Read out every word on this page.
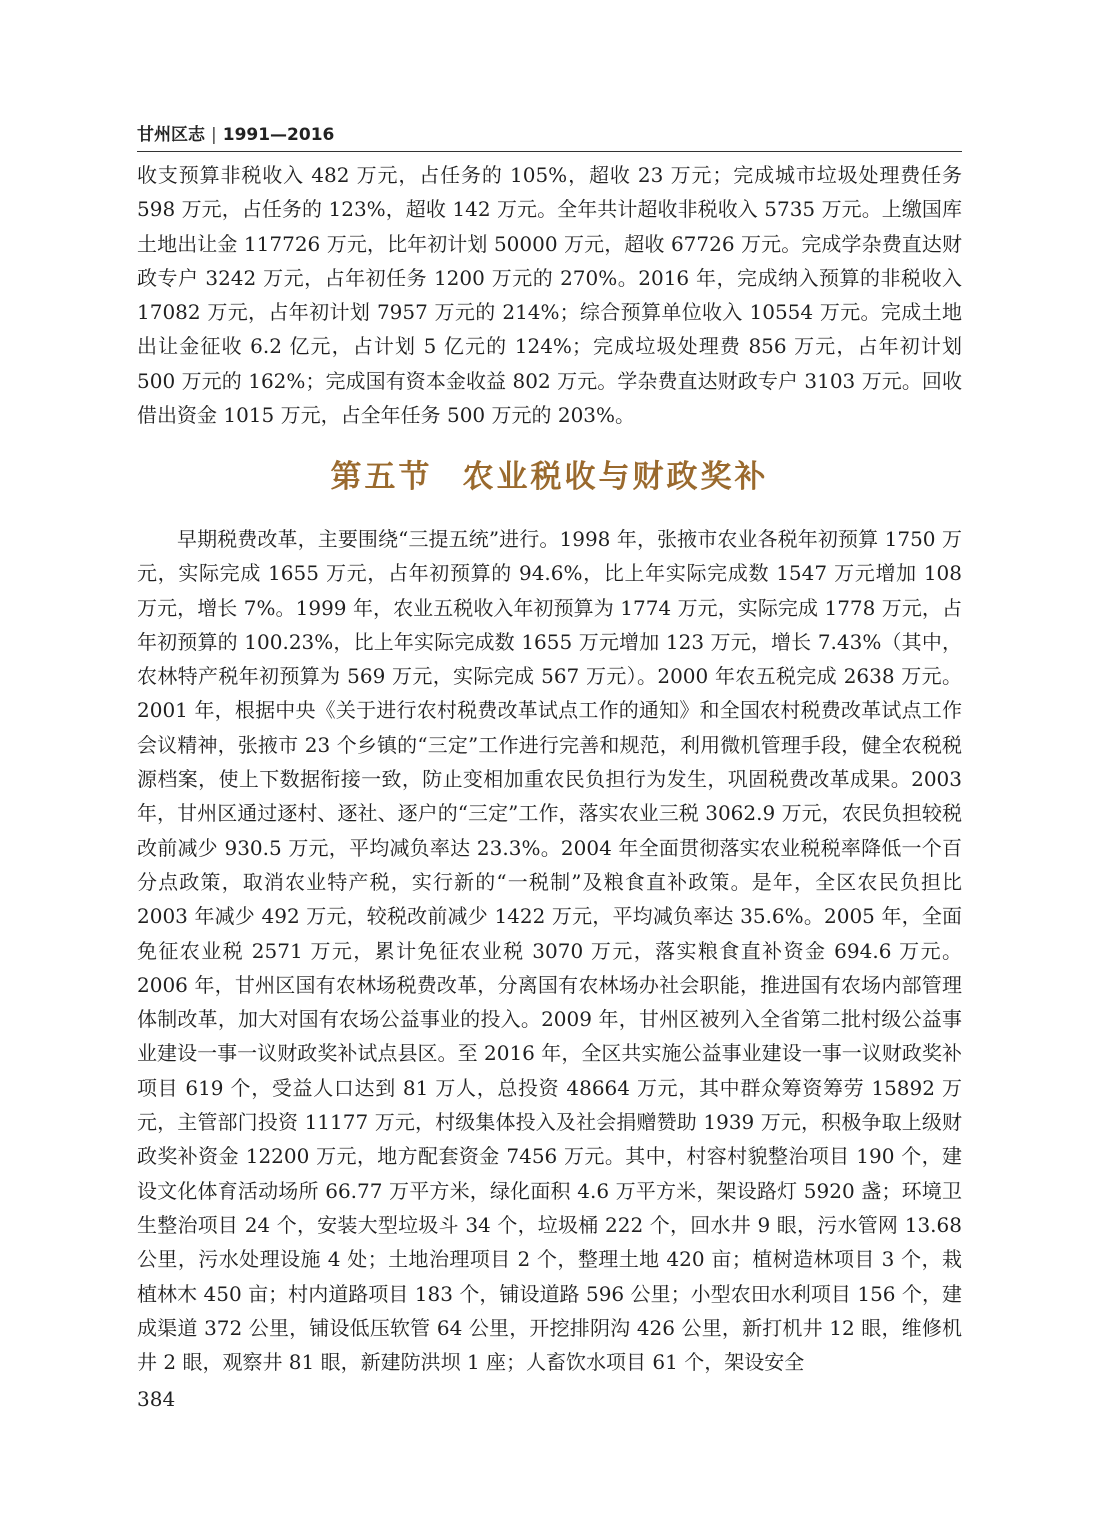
甘州区志 | 1991—2016

收支预算非税收入 482 万元，占任务的 105%，超收 23 万元；完成城市垃圾处理费任务 598 万元，占任务的 123%，超收 142 万元。全年共计超收非税收入 5735 万元。上缴国库土地出让金 117726 万元，比年初计划 50000 万元，超收 67726 万元。完成学杂费直达财政专户 3242 万元，占年初任务 1200 万元的 270%。2016 年，完成纳入预算的非税收入 17082 万元，占年初计划 7957 万元的 214%；综合预算单位收入 10554 万元。完成土地出让金征收 6.2 亿元，占计划 5 亿元的 124%；完成垃圾处理费 856 万元，占年初计划 500 万元的 162%；完成国有资本金收益 802 万元。学杂费直达财政专户 3103 万元。回收借出资金 1015 万元，占全年任务 500 万元的 203%。

第五节 农业税收与财政奖补

早期税费改革，主要围绕“三提五统”进行。1998 年，张掖市农业各税年初预算 1750 万元，实际完成 1655 万元，占年初预算的 94.6%，比上年实际完成数 1547 万元增加 108 万元，增长 7%。1999 年，农业五税收入年初预算为 1774 万元，实际完成 1778 万元，占年初预算的 100.23%，比上年实际完成数 1655 万元增加 123 万元，增长 7.43%（其中，农林特产税年初预算为 569 万元，实际完成 567 万元）。2000 年农五税完成 2638 万元。2001 年，根据中央《关于进行农村税费改革试点工作的通知》和全国农村税费改革试点工作会议精神，张掖市 23 个乡镇的“三定”工作进行完善和规范，利用微机管理手段，健全农税税源档案，使上下数据衔接一致，防止变相加重农民负担行为发生，巩固税费改革成果。2003 年，甘州区通过逐村、逐社、逐户的“三定”工作，落实农业三税 3062.9 万元，农民负担较税改前减少 930.5 万元，平均减负率达 23.3%。2004 年全面贯彻落实农业税税率降低一个百分点政策，取消农业特产税，实行新的“一税制”及粮食直补政策。是年，全区农民负担比 2003 年减少 492 万元，较税改前减少 1422 万元，平均减负率达 35.6%。2005 年，全面免征农业税 2571 万元，累计免征农业税 3070 万元，落实粮食直补资金 694.6 万元。2006 年，甘州区国有农林场税费改革，分离国有农林场办社会职能，推进国有农场内部管理体制改革，加大对国有农场公益事业的投入。2009 年，甘州区被列入全省第二批村级公益事业建设一事一议财政奖补试点县区。至 2016 年，全区共实施公益事业建设一事一议财政奖补项目 619 个，受益人口达到 81 万人，总投资 48664 万元，其中群众筹资筹劳 15892 万元，主管部门投资 11177 万元，村级集体投入及社会捐赠赞助 1939 万元，积极争取上级财政奖补资金 12200 万元，地方配套资金 7456 万元。其中，村容村貌整治项目 190 个，建设文化体育活动场所 66.77 万平方米，绿化面积 4.6 万平方米，架设路灯 5920 盏；环境卫生整治项目 24 个，安装大型垃圾斗 34 个，垃圾桶 222 个，回水井 9 眼，污水管网 13.68 公里，污水处理设施 4 处；土地治理项目 2 个，整理土地 420 亩；植树造林项目 3 个，栽植林木 450 亩；村内道路项目 183 个，铺设道路 596 公里；小型农田水利项目 156 个，建成渠道 372 公里，铺设低压软管 64 公里，开挖排阴沟 426 公里，新打机井 12 眼，维修机井 2 眼，观察井 81 眼，新建防洪坝 1 座；人畜饮水项目 61 个，架设安全

384
